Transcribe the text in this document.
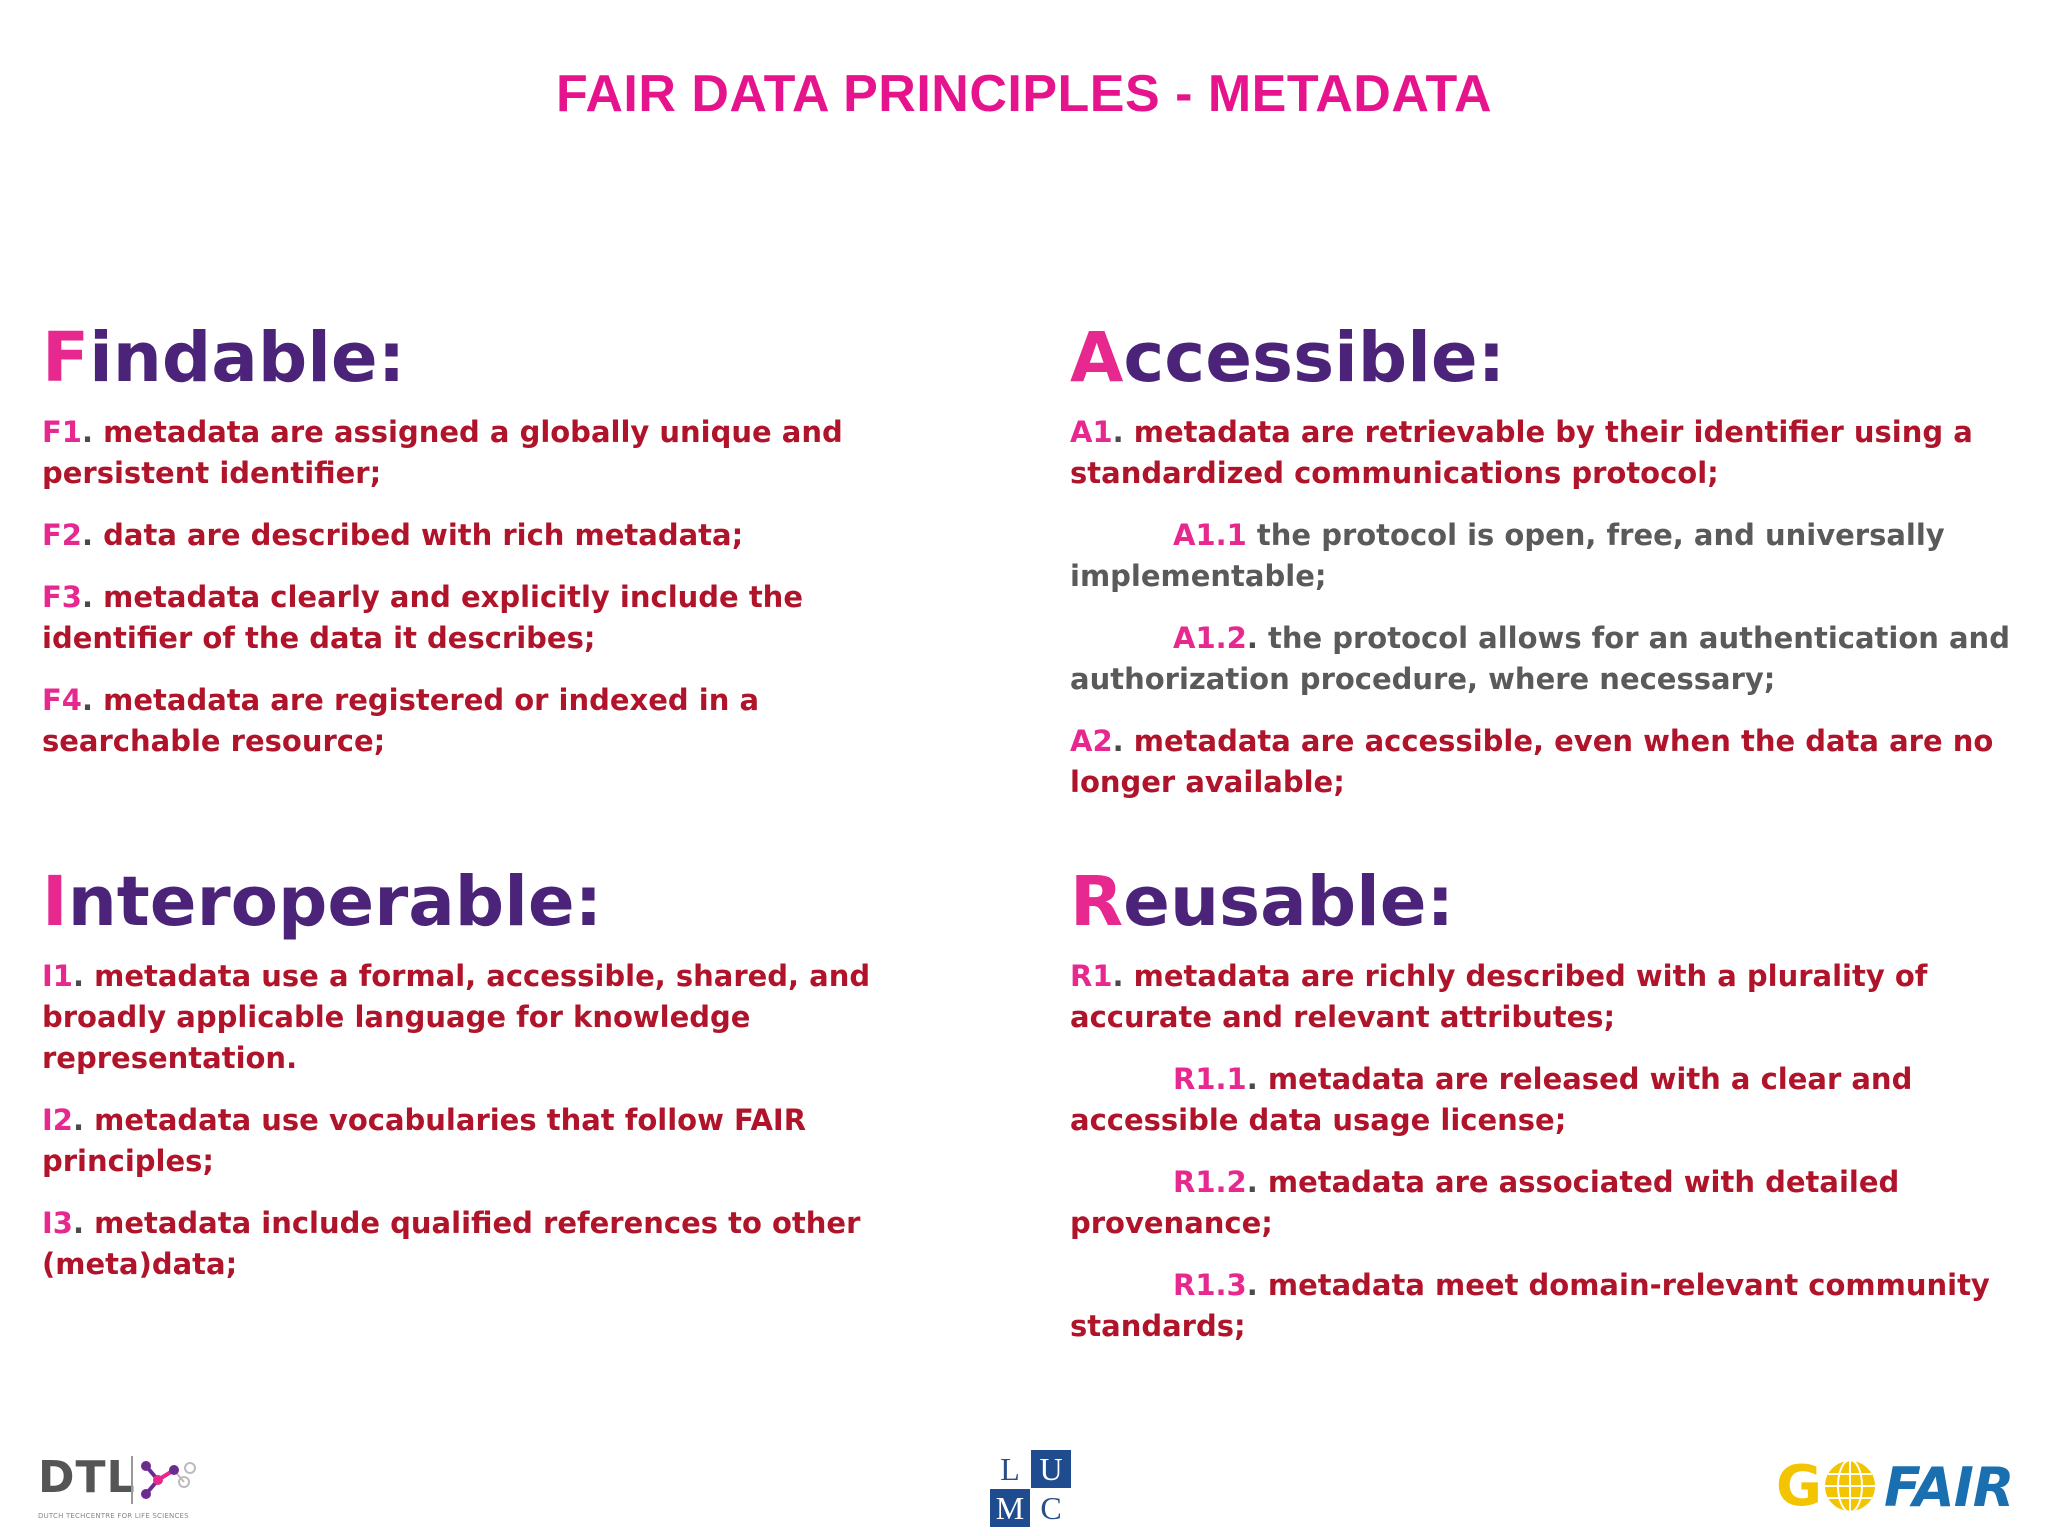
FAIR DATA PRINCIPLES - METADATA
Findable:
F1. metadata are assigned a globally unique and persistent identifier;
F2. data are described with rich metadata;
F3. metadata clearly and explicitly include the identifier of the data it describes;
F4. metadata are registered or indexed in a searchable resource;
Accessible:
A1. metadata are retrievable by their identifier using a standardized communications protocol;
A1.1 the protocol is open, free, and universally implementable;
A1.2. the protocol allows for an authentication and authorization procedure, where necessary;
A2. metadata are accessible, even when the data are no longer available;
Interoperable:
I1. metadata use a formal, accessible, shared, and broadly applicable language for knowledge representation.
I2. metadata use vocabularies that follow FAIR principles;
I3. metadata include qualified references to other (meta)data;
Reusable:
R1. metadata are richly described with a plurality of accurate and relevant attributes;
R1.1. metadata are released with a clear and accessible data usage license;
R1.2. metadata are associated with detailed provenance;
R1.3. metadata meet domain-relevant community standards;
DTL
DUTCH TECHCENTRE FOR LIFE SCIENCES
L U
M C	G FAIR
